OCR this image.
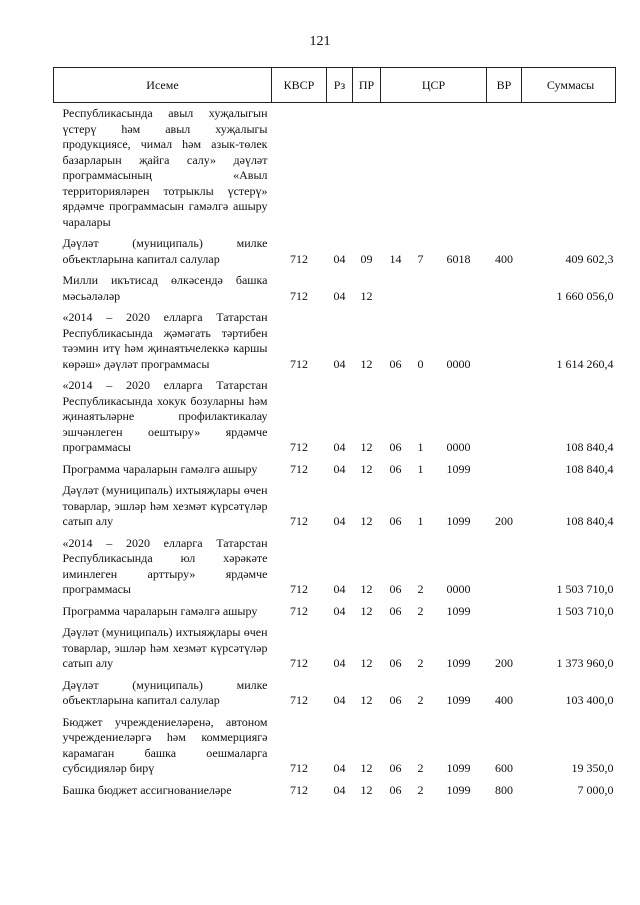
121
Исеме	КВСР	Рз	ПР	ЦСР			ВР	Суммасы
Республикасында авыл хуҗалыгын үстерү һәм авыл хуҗалыгы продукциясе, чимал һәм азык-төлек базарларын җайга салу» дәүләт программасының «Авыл территорияләрен тотрыклы үстерү» ярдәмче программасын гамәлгә ашыру чаралары								
Дәүләт (муниципаль) милке объектларына капитал салулар	712	04	09	14	7	6018	400	409 602,3
Милли икътисад өлкәсендә башка мәсьәләләр	712	04	12					1 660 056,0
«2014 – 2020 елларга Татарстан Республикасында җәмәгать тәртибен тәэмин итү һәм җинаятьчелеккә каршы көрәш» дәүләт программасы	712	04	12	06	0	0000		1 614 260,4
«2014 – 2020 елларга Татарстан Республикасында хокук бозуларны һәм җинаятьләрне профилактикалау эшчәнлеген оештыру» ярдәмче программасы	712	04	12	06	1	0000		108 840,4
Программа чараларын гамәлгә ашыру	712	04	12	06	1	1099		108 840,4
Дәүләт (муниципаль) ихтыяҗлары өчен товарлар, эшләр һәм хезмәт күрсәтүләр сатып алу	712	04	12	06	1	1099	200	108 840,4
«2014 – 2020 елларга Татарстан Республикасында юл хәрәкәте иминлеген арттыру» ярдәмче программасы	712	04	12	06	2	0000		1 503 710,0
Программа чараларын гамәлгә ашыру	712	04	12	06	2	1099		1 503 710,0
Дәүләт (муниципаль) ихтыяҗлары өчен товарлар, эшләр һәм хезмәт күрсәтүләр сатып алу	712	04	12	06	2	1099	200	1 373 960,0
Дәүләт (муниципаль) милке объектларына капитал салулар	712	04	12	06	2	1099	400	103 400,0
Бюджет учреждениеләренә, автоном учреждениеләргә һәм коммерциягә карамаган башка оешмаларга субсидияләр бирү	712	04	12	06	2	1099	600	19 350,0
Башка бюджет ассигнованиеләре	712	04	12	06	2	1099	800	7 000,0
